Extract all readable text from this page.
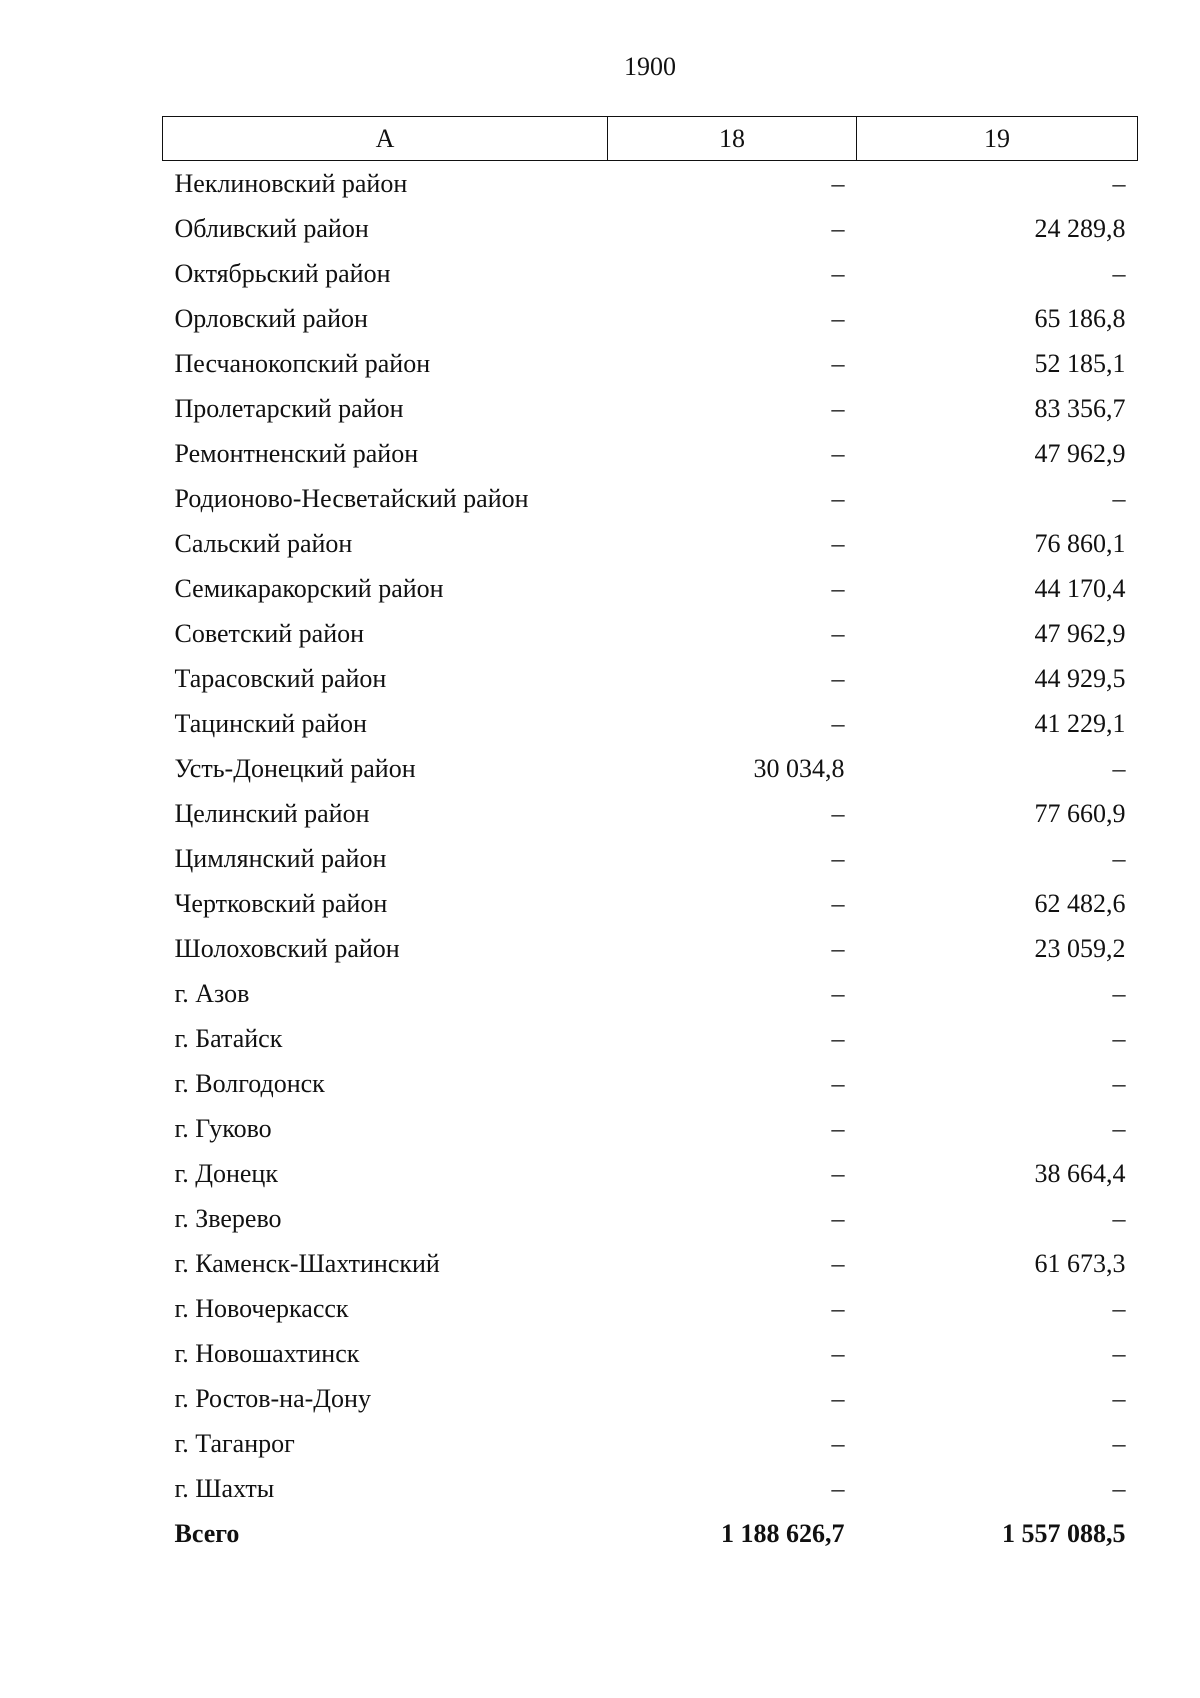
1900
А	18	19
Неклиновский район	–	–
Обливский район	–	24 289,8
Октябрьский район	–	–
Орловский район	–	65 186,8
Песчанокопский район	–	52 185,1
Пролетарский район	–	83 356,7
Ремонтненский район	–	47 962,9
Родионово-Несветайский район	–	–
Сальский район	–	76 860,1
Семикаракорский район	–	44 170,4
Советский район	–	47 962,9
Тарасовский район	–	44 929,5
Тацинский район	–	41 229,1
Усть-Донецкий район	30 034,8	–
Целинский район	–	77 660,9
Цимлянский район	–	–
Чертковский район	–	62 482,6
Шолоховский район	–	23 059,2
г. Азов	–	–
г. Батайск	–	–
г. Волгодонск	–	–
г. Гуково	–	–
г. Донецк	–	38 664,4
г. Зверево	–	–
г. Каменск-Шахтинский	–	61 673,3
г. Новочеркасск	–	–
г. Новошахтинск	–	–
г. Ростов-на-Дону	–	–
г. Таганрог	–	–
г. Шахты	–	–
Всего	1 188 626,7	1 557 088,5
